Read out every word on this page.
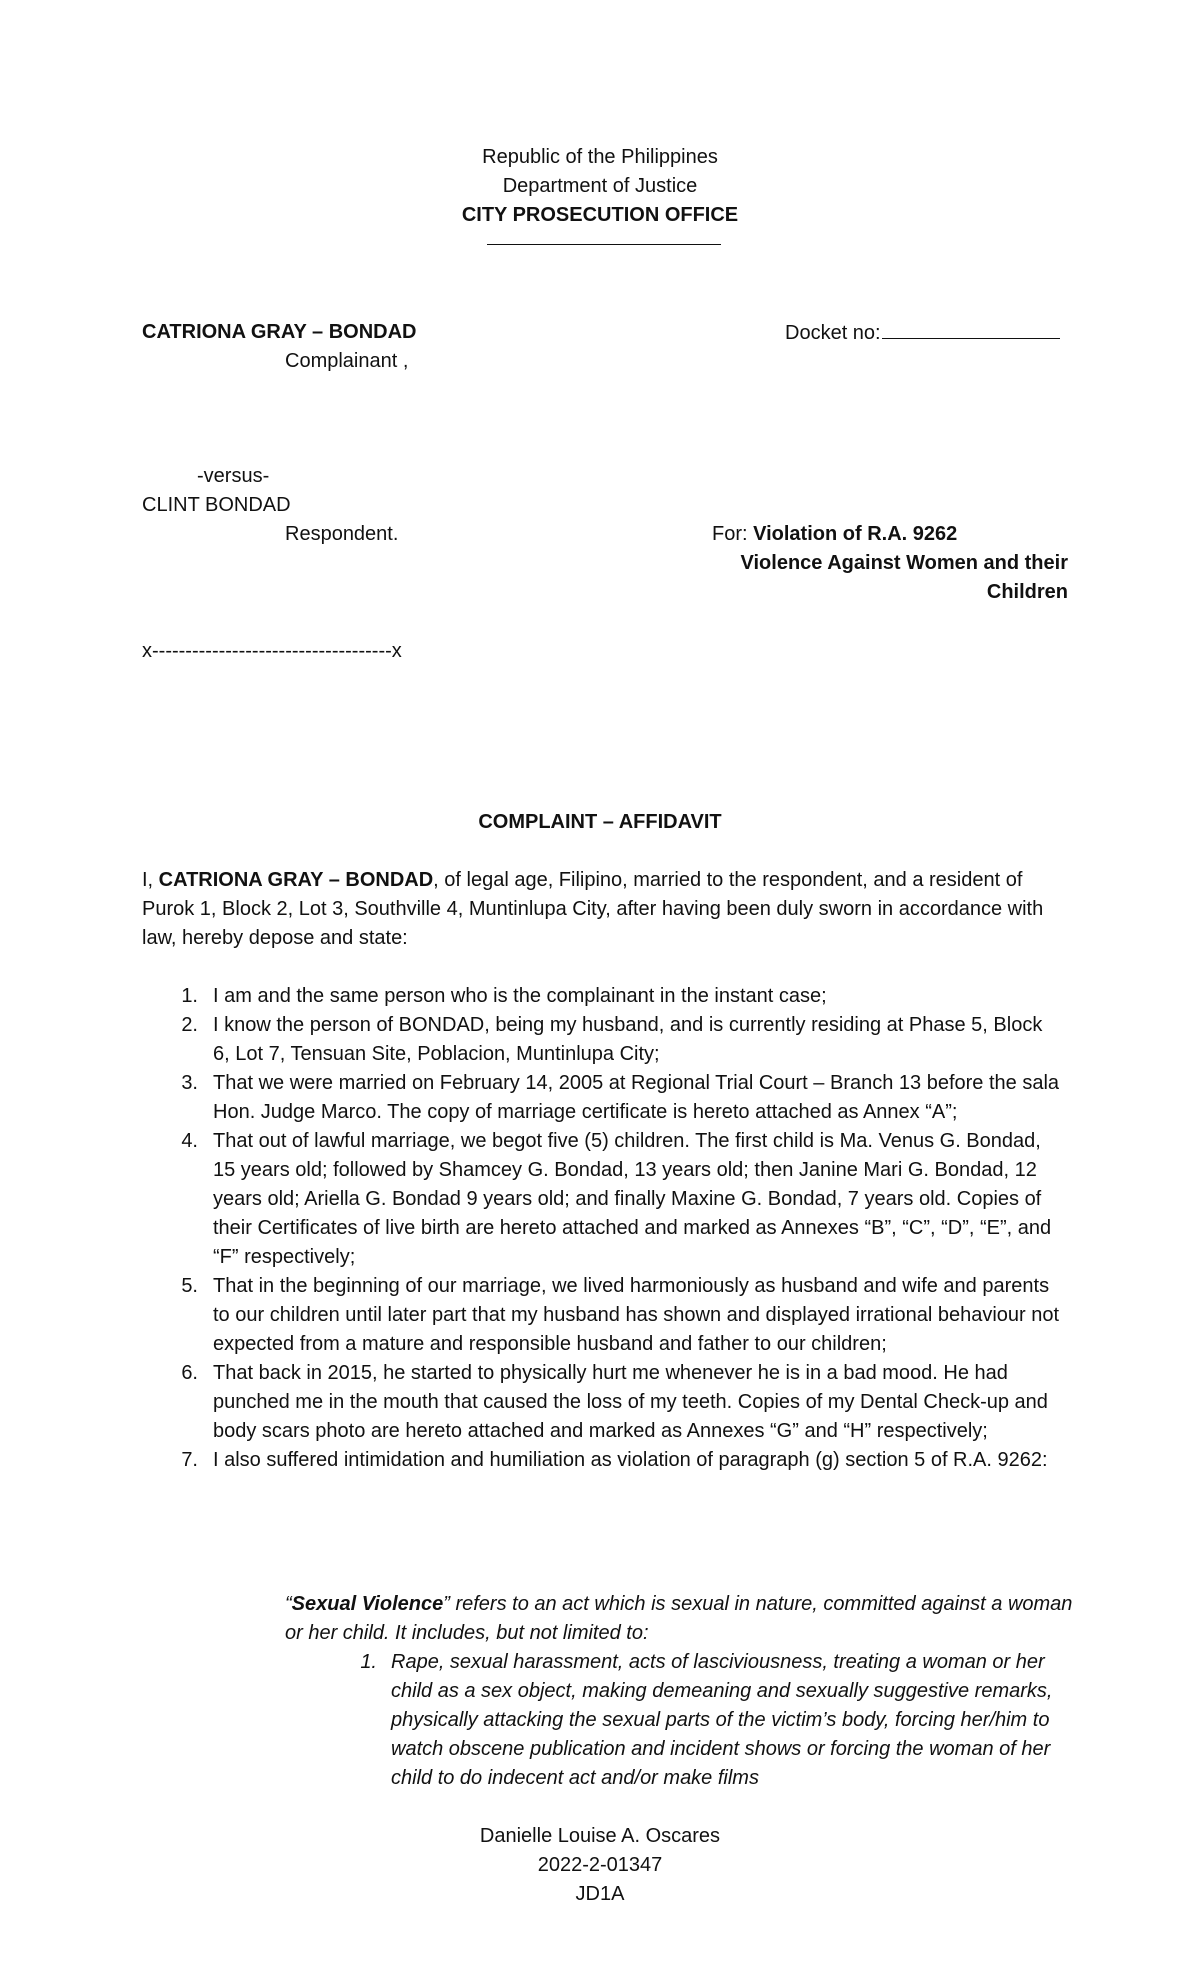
Republic of the Philippines

Department of Justice

CITY PROSECUTION OFFICE

CATRIONA GRAY – BONDAD

Complainant ,

Docket no:

-versus-

CLINT BONDAD

Respondent.	For: Violation of R.A. 9262

Violence Against Women and their

Children

x------------------------------------x

COMPLAINT – AFFIDAVIT

I, CATRIONA GRAY – BONDAD, of legal age, Filipino, married to the respondent, and a resident of Purok 1, Block 2, Lot 3, Southville 4, Muntinlupa City, after having been duly sworn in accordance with law, hereby depose and state:

1. I am and the same person who is the complainant in the instant case;
2. I know the person of BONDAD, being my husband, and is currently residing at Phase 5, Block 6, Lot 7, Tensuan Site, Poblacion, Muntinlupa City;
3. That we were married on February 14, 2005 at Regional Trial Court – Branch 13 before the sala Hon. Judge Marco. The copy of marriage certificate is hereto attached as Annex “A”;
4. That out of lawful marriage, we begot five (5) children. The first child is Ma. Venus G. Bondad, 15 years old; followed by Shamcey G. Bondad, 13 years old; then Janine Mari G. Bondad, 12 years old; Ariella G. Bondad 9 years old; and finally Maxine G. Bondad, 7 years old. Copies of their Certificates of live birth are hereto attached and marked as Annexes “B”, “C”, “D”, “E”, and “F” respectively;
5. That in the beginning of our marriage, we lived harmoniously as husband and wife and parents to our children until later part that my husband has shown and displayed irrational behaviour not expected from a mature and responsible husband and father to our children;
6. That back in 2015, he started to physically hurt me whenever he is in a bad mood. He had punched me in the mouth that caused the loss of my teeth. Copies of my Dental Check-up and body scars photo are hereto attached and marked as Annexes “G” and “H” respectively;
7. I also suffered intimidation and humiliation as violation of paragraph (g) section 5 of R.A. 9262:

“Sexual Violence” refers to an act which is sexual in nature, committed against a woman or her child. It includes, but not limited to:

1. Rape, sexual harassment, acts of lasciviousness, treating a woman or her child as a sex object, making demeaning and sexually suggestive remarks, physically attacking the sexual parts of the victim’s body, forcing her/him to watch obscene publication and incident shows or forcing the woman of her child to do indecent act and/or make films

Danielle Louise A. Oscares

2022-2-01347

JD1A
